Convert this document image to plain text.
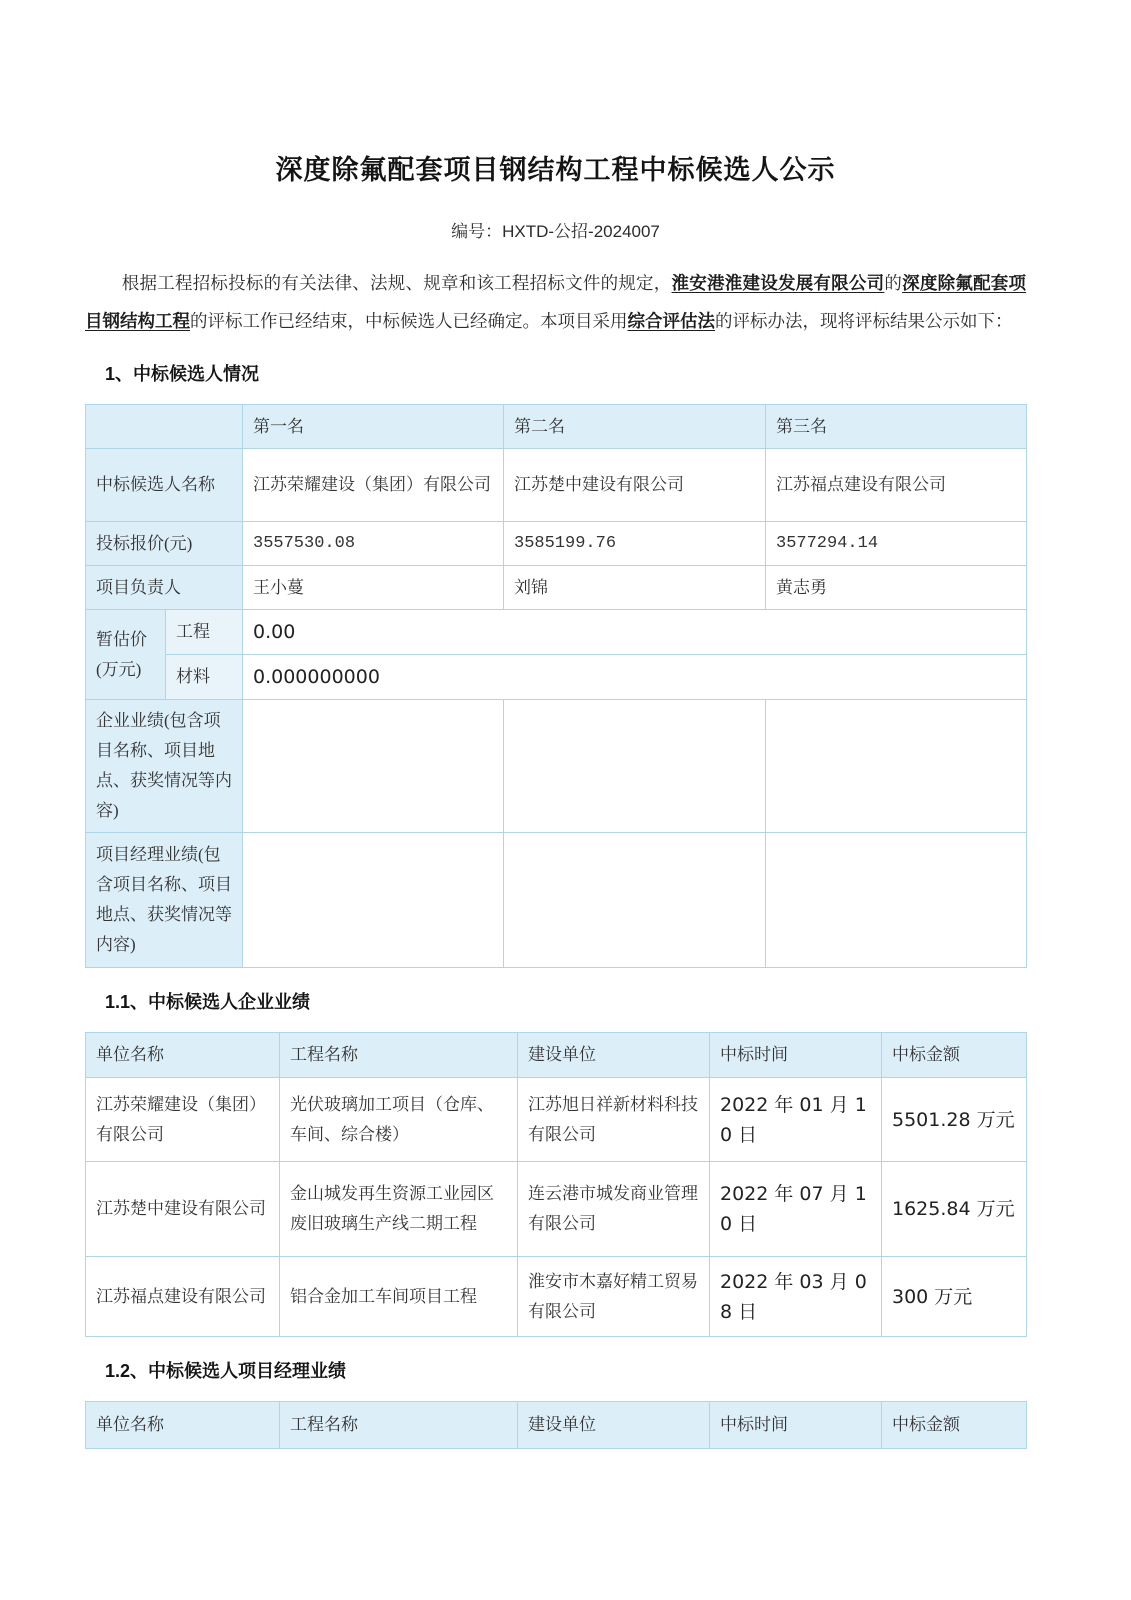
深度除氟配套项目钢结构工程中标候选人公示
编号：HXTD-公招-2024007

根据工程招标投标的有关法律、法规、规章和该工程招标文件的规定，淮安港淮建设发展有限公司的深度除氟配套项目钢结构工程的评标工作已经结束，中标候选人已经确定。本项目采用综合评估法的评标办法，现将评标结果公示如下：

1、中标候选人情况
		第一名	第二名	第三名
中标候选人名称		江苏荣耀建设（集团）有限公司	江苏楚中建设有限公司	江苏福点建设有限公司
投标报价(元)		3557530.08	3585199.76	3577294.14
项目负责人		王小蔓	刘锦	黄志勇
暂估价(万元)	工程	0.00		
	材料	0.000000000		
企业业绩(包含项目名称、项目地点、获奖情况等内容)				
项目经理业绩(包含项目名称、项目地点、获奖情况等内容)				
1.1、中标候选人企业业绩
单位名称	工程名称	建设单位	中标时间	中标金额
江苏荣耀建设（集团）有限公司	光伏玻璃加工项目（仓库、车间、综合楼）	江苏旭日祥新材料科技有限公司	2022 年 01 月 10 日	5501.28 万元
江苏楚中建设有限公司	金山城发再生资源工业园区废旧玻璃生产线二期工程	连云港市城发商业管理有限公司	2022 年 07 月 10 日	1625.84 万元
江苏福点建设有限公司	铝合金加工车间项目工程	淮安市木嘉好精工贸易有限公司	2022 年 03 月 08 日	300 万元
1.2、中标候选人项目经理业绩
单位名称	工程名称	建设单位	中标时间	中标金额
